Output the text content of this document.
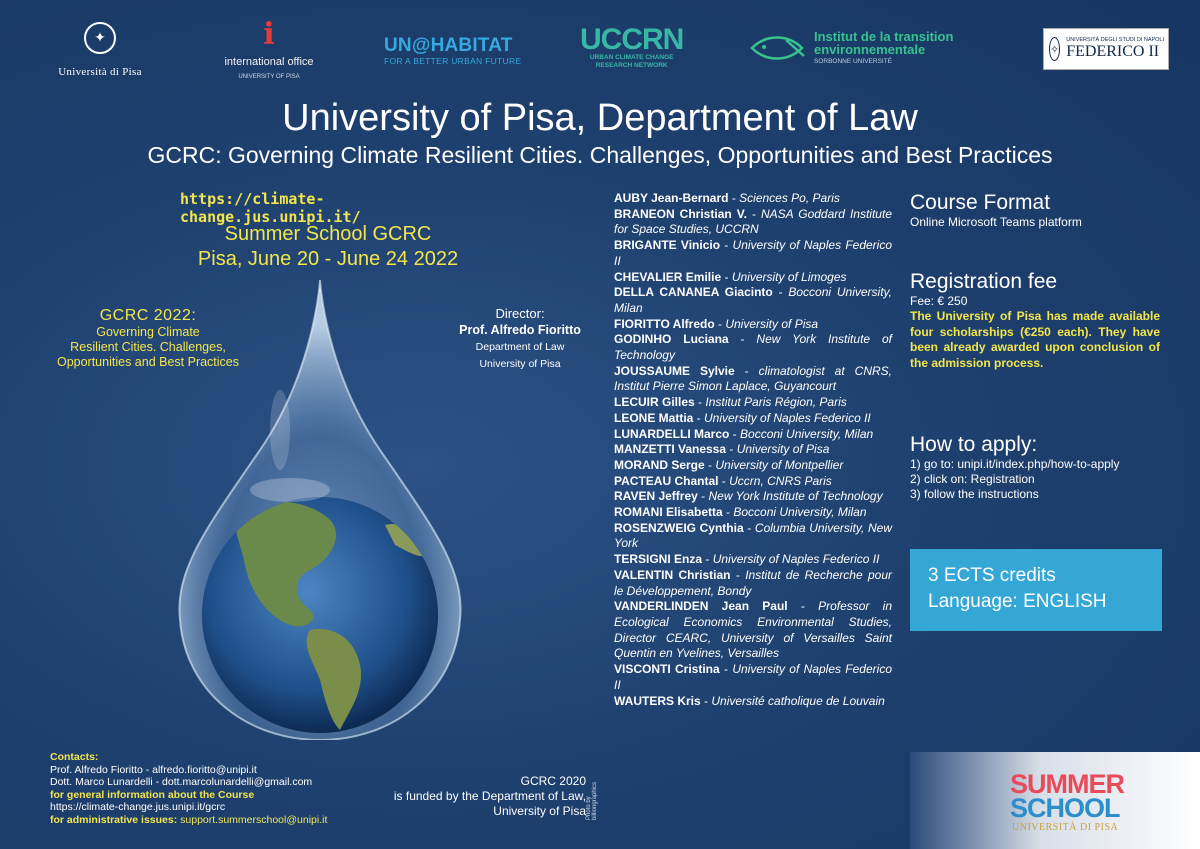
✦
Università di Pisa
i
international office
UNIVERSITY OF PISA
UN@HABITAT
FOR A BETTER URBAN FUTURE
UCCRN
URBAN CLIMATE CHANGE RESEARCH NETWORK
Institut de la transition
environnementale
SORBONNE UNIVERSITÉ
✧
UNIVERSITÀ DEGLI STUDI DI NAPOLI
FEDERICO II
University of Pisa, Department of Law
GCRC: Governing Climate Resilient Cities. Challenges, Opportunities and Best Practices
https://climate-change.jus.unipi.it/
Summer School GCRC
Pisa, June 20 - June 24 2022
GCRC 2022:
Governing Climate
Resilient Cities. Challenges,
Opportunities and Best Practices
Director:
Prof. Alfredo Fioritto
Department of Law
University of Pisa
AUBY Jean-Bernard - Sciences Po, Paris
BRANEON Christian V. - NASA Goddard Institute for Space Studies, UCCRN
BRIGANTE Vinicio - University of Naples Federico II
CHEVALIER Emilie - University of Limoges
DELLA CANANEA Giacinto - Bocconi University, Milan
FIORITTO Alfredo - University of Pisa
GODINHO Luciana - New York Institute of Technology
JOUSSAUME Sylvie - climatologist at CNRS, Institut Pierre Simon Laplace, Guyancourt
LECUIR Gilles - Institut Paris Région, Paris
LEONE Mattia - University of Naples Federico II
LUNARDELLI Marco - Bocconi University, Milan
MANZETTI Vanessa - University of Pisa
MORAND Serge - University of Montpellier
PACTEAU Chantal - Uccrn, CNRS Paris
RAVEN Jeffrey - New York Institute of Technology
ROMANI Elisabetta - Bocconi University, Milan
ROSENZWEIG Cynthia - Columbia University, New York
TERSIGNI Enza - University of Naples Federico II
VALENTIN Christian - Institut de Recherche pour le Développement, Bondy
VANDERLINDEN Jean Paul - Professor in Ecological Economics Environmental Studies, Director CEARC, University of Versailles Saint Quentin en Yvelines, Versailles
VISCONTI Cristina - University of Naples Federico II
WAUTERS Kris - Université catholique de Louvain
Course Format
Online Microsoft Teams platform
Registration fee
Fee: € 250
The University of Pisa has made available four scholarships (€250 each). They have been already awarded upon conclusion of the admission process.
How to apply:
1) go to: unipi.it/index.php/how-to-apply
2) click on: Registration
3) follow the instructions
3 ECTS credits
Language: ENGLISH
Contacts:
Prof. Alfredo Fioritto - alfredo.fioritto@unipi.it
Dott. Marco Lunardelli - dott.marcolunardelli@gmail.com
for general information about the Course
https://climate-change.jus.unipi.it/gcrc
for administrative issues: support.summerschool@unipi.it
GCRC 2020
is funded by the Department of Law,
University of Pisa Photo by billiongraphics	SUMMER
SCHOOL
UNIVERSITÀ DI PISA
